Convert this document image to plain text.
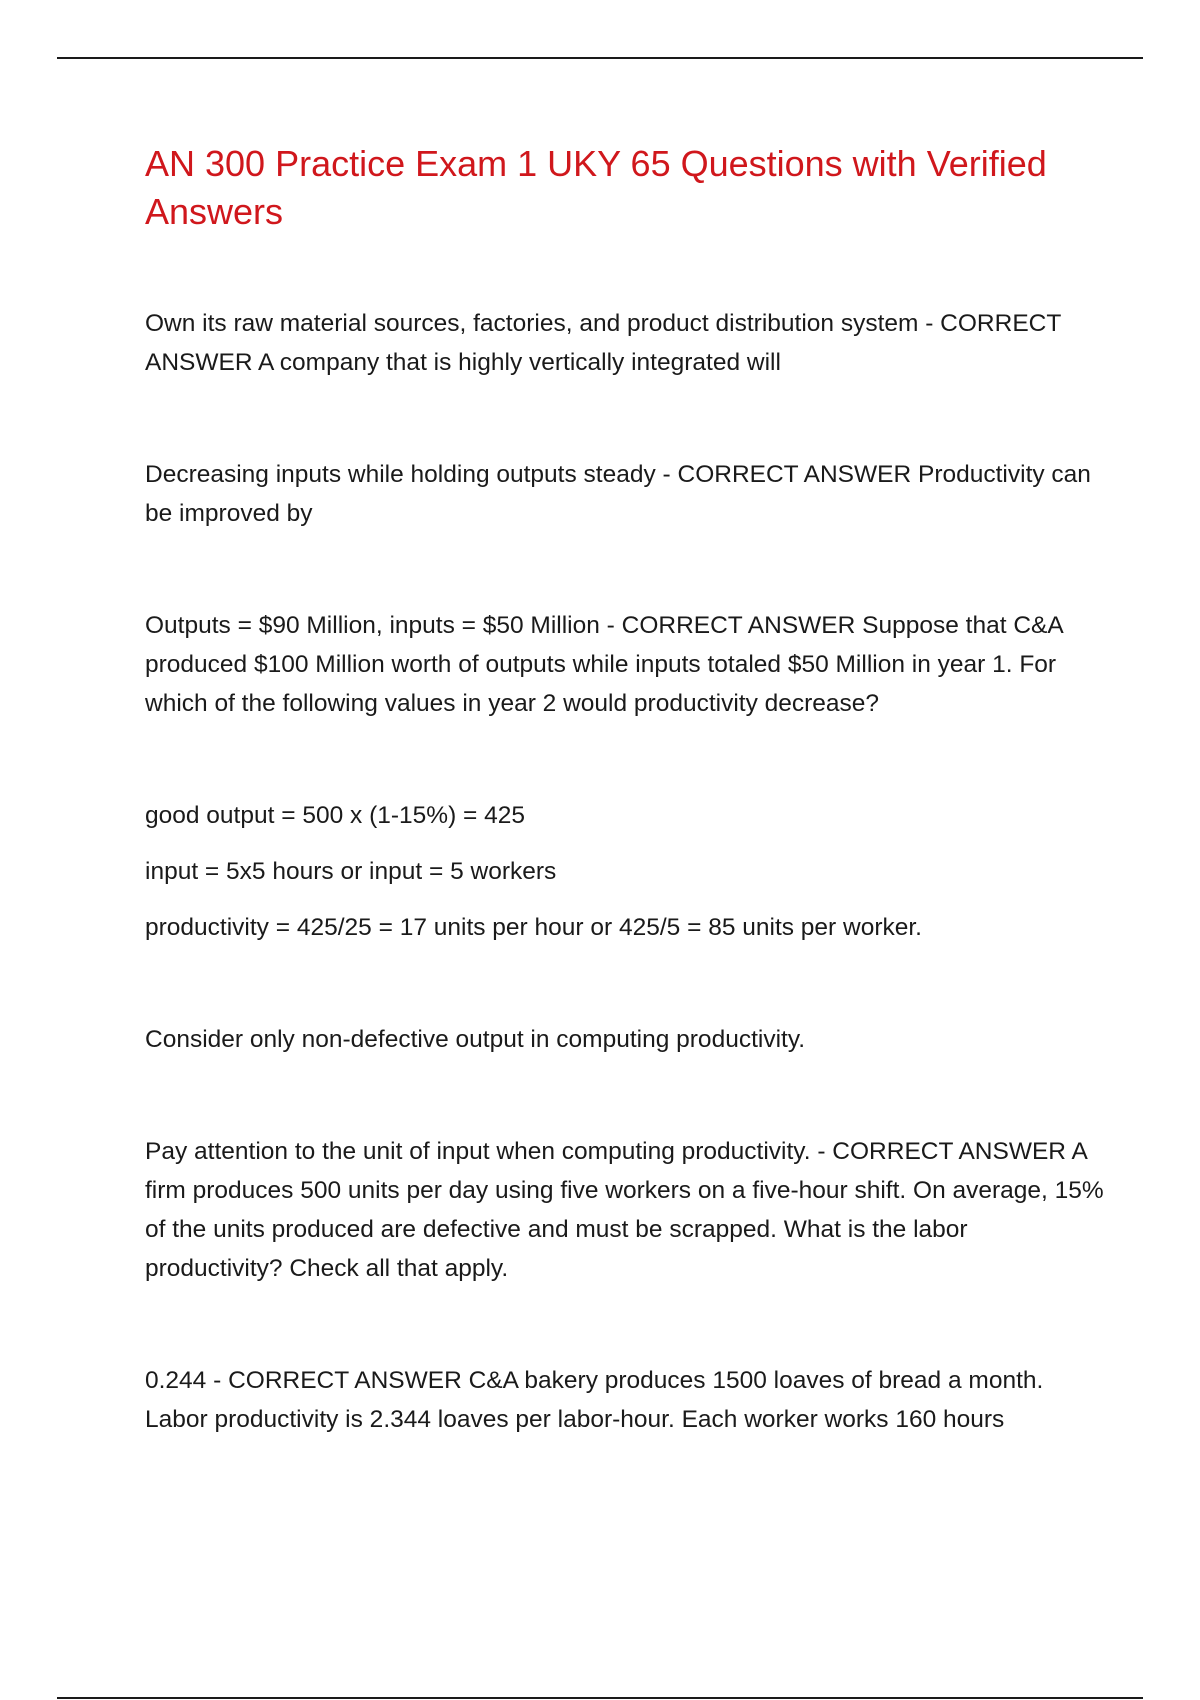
AN 300 Practice Exam 1 UKY 65 Questions with Verified Answers

Own its raw material sources, factories, and product distribution system - CORRECT ANSWER A company that is highly vertically integrated will

Decreasing inputs while holding outputs steady - CORRECT ANSWER Productivity can be improved by

Outputs = $90 Million, inputs = $50 Million - CORRECT ANSWER Suppose that C&A produced $100 Million worth of outputs while inputs totaled $50 Million in year 1. For which of the following values in year 2 would productivity decrease?

good output = 500 x (1-15%) = 425

input = 5x5 hours or input = 5 workers

productivity = 425/25 = 17 units per hour or 425/5 = 85 units per worker.

Consider only non-defective output in computing productivity.

Pay attention to the unit of input when computing productivity. - CORRECT ANSWER A firm produces 500 units per day using five workers on a five-hour shift. On average, 15% of the units produced are defective and must be scrapped. What is the labor productivity? Check all that apply.

0.244 - CORRECT ANSWER C&A bakery produces 1500 loaves of bread a month. Labor productivity is 2.344 loaves per labor-hour. Each worker works 160 hours
